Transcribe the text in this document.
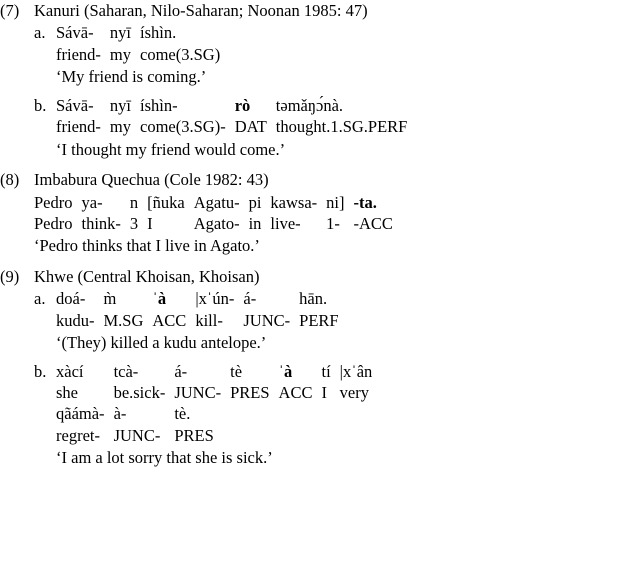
(7) Kanuri (Saharan, Nilo-Saharan; Noonan 1985: 47)
a. Sávā-	nyī	íshìn.
friend-	my	come(3.SG)
‘My friend is coming.’
b. Sávā-	nyī	íshìn-	rò	təmǎŋɔ́nà.
friend-	my	come(3.SG)-	DAT	thought.1.SG.PERF
‘I thought my friend would come.’
(8) Imbabura Quechua (Cole 1982: 43)
Pedro	ya-	n	[ñuka	Agatu-	pi	kawsa-	ni]	-ta.
Pedro	think-	3	I	Agato-	in	live-	1-	-ACC
‘Pedro thinks that I live in Agato.’
(9) Khwe (Central Khoisan, Khoisan)
a. doá-	m̀	ˈà	|xˈún-	á-	hān.
kudu-	M.SG	ACC	kill-	JUNC-	PERF
‘(They) killed a kudu antelope.’
b. xàcí	tcà-	á-	tè	ˈà	tí	|xˈân
she	be.sick-	JUNC-	PRES	ACC	I	very
qãámà-	à-	tè.				
regret-	JUNC-	PRES				
‘I am a lot sorry that she is sick.’
